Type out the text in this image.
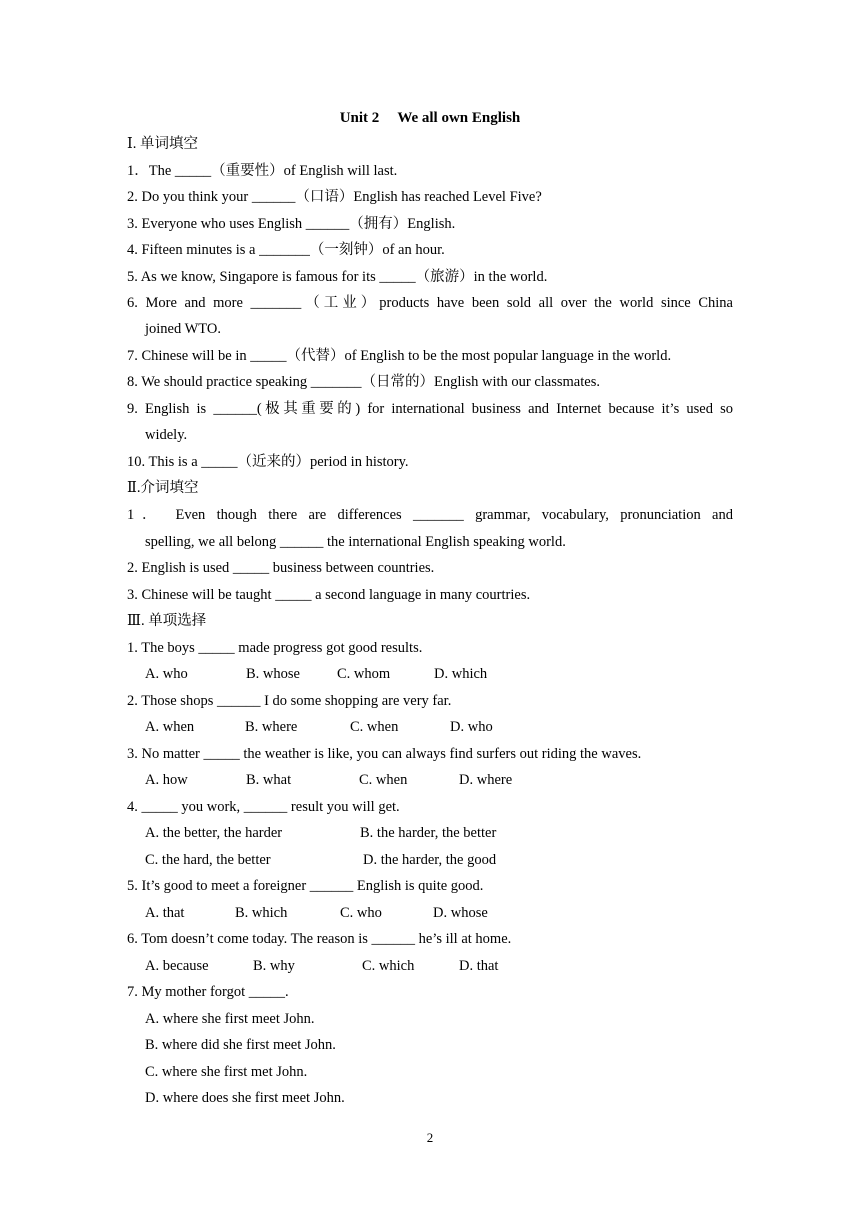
Unit 2 We all own English
Ⅰ. 单词填空
1．The _____（重要性）of English will last.
2. Do you think your ______（口语）English has reached Level Five?
3. Everyone who uses English ______（拥有）English.
4. Fifteen minutes is a _______（一刻钟）of an hour.
5. As we know, Singapore is famous for its _____（旅游）in the world.
6. More and more _______（工业）products have been sold all over the world since China
joined WTO.
7. Chinese will be in _____（代替）of English to be the most popular language in the world.
8. We should practice speaking _______（日常的）English with our classmates.
9. English is ______(极其重要的) for international business and Internet because it’s used so
widely.
10. This is a _____（近来的）period in history.
Ⅱ.介词填空
1． Even though there are differences _______ grammar, vocabulary, pronunciation and
spelling, we all belong ______ the international English speaking world.
2. English is used _____ business between countries.
3. Chinese will be taught _____ a second language in many courtries.
Ⅲ. 单项选择
1. The boys _____ made progress got good results.
A. who	B. whose	C. whom	D. which
2. Those shops ______ I do some shopping are very far.
A. when	B. where	C. when	D. who
3. No matter _____ the weather is like, you can always find surfers out riding the waves.
A. how	B. what	C. when	D. where
4. _____ you work, ______ result you will get.
A. the better, the harder	B. the harder, the better
C. the hard, the better	D. the harder, the good
5. It’s good to meet a foreigner ______ English is quite good.
A. that	B. which	C. who	D. whose
6. Tom doesn’t come today. The reason is ______ he’s ill at home.
A. because	B. why	C. which	D. that
7. My mother forgot _____.
A. where she first meet John.
B. where did she first meet John.
C. where she first met John.
D. where does she first meet John.
2
